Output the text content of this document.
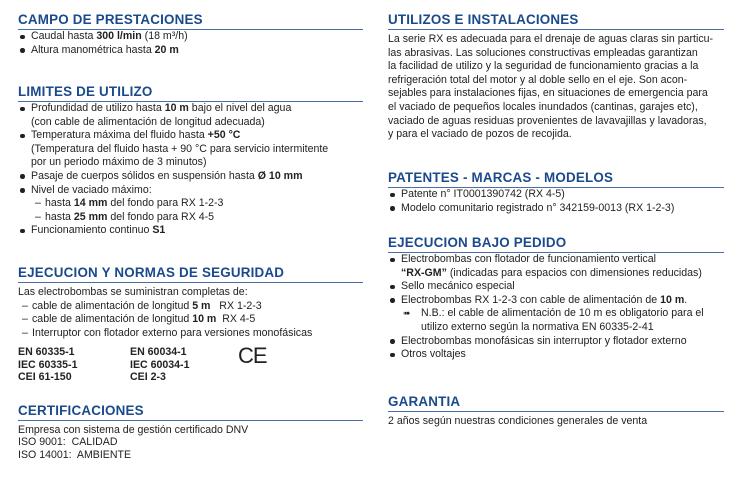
CAMPO DE PRESTACIONES
Caudal hasta 300 l/min (18 m³/h)
Altura manométrica hasta 20 m
LIMITES DE UTILIZO
Profundidad de utilizo hasta 10 m bajo el nivel del agua
(con cable de alimentación de longitud adecuada)
Temperatura máxima del fluido hasta +50 °C
(Temperatura del fluido hasta + 90 °C para servicio intermitente
por un periodo máximo de 3 minutos)
Pasaje de cuerpos sólidos en suspensión hasta Ø 10 mm
Nivel de vaciado máximo:
– hasta 14 mm del fondo para RX 1-2-3
– hasta 25 mm del fondo para RX 4-5
Funcionamiento continuo S1
EJECUCION Y NORMAS DE SEGURIDAD

Las electrobombas se suministran completas de:

– cable de alimentación de longitud 5 m   RX 1-2-3
– cable de alimentación de longitud 10 m  RX 4-5
– Interruptor con flotador externo para versiones monofásicas
EN 60335-1
IEC 60335-1
CEI 61-150
EN 60034-1
IEC 60034-1
CEI 2-3
CE
CERTIFICACIONES
Empresa con sistema de gestión certificado DNV
ISO 9001:  CALIDAD
ISO 14001:  AMBIENTE
UTILIZOS E INSTALACIONES
La serie RX es adecuada para el drenaje de aguas claras sin particu-
las abrasivas. Las soluciones constructivas empleadas garantizan
la facilidad de utilizo y la seguridad de funcionamiento gracias a la
refrigeración total del motor y al doble sello en el eje. Son acon-
sejables para instalaciones fijas, en situaciones de emergencia para
el vaciado de pequeños locales inundados (cantinas, garajes etc),
vaciado de aguas residuas provenientes de lavavajillas y lavadoras,
y para el vaciado de pozos de recojida.
PATENTES - MARCAS - MODELOS
Patente n° IT0001390742 (RX 4-5)
Modelo comunitario registrado n° 342159-0013 (RX 1-2-3)
EJECUCION BAJO PEDIDO
Electrobombas con flotador de funcionamiento vertical
“RX-GM” (indicadas para espacios con dimensiones reducidas)
Sello mecánico especial
Electrobombas RX 1-2-3 con cable de alimentación de 10 m.
➠ N.B.: el cable de alimentación de 10 m es obligatorio para el
utilizo externo según la normativa EN 60335-2-41
Electrobombas monofásicas sin interruptor y flotador externo
Otros voltajes
GARANTIA
2 años según nuestras condiciones generales de venta
